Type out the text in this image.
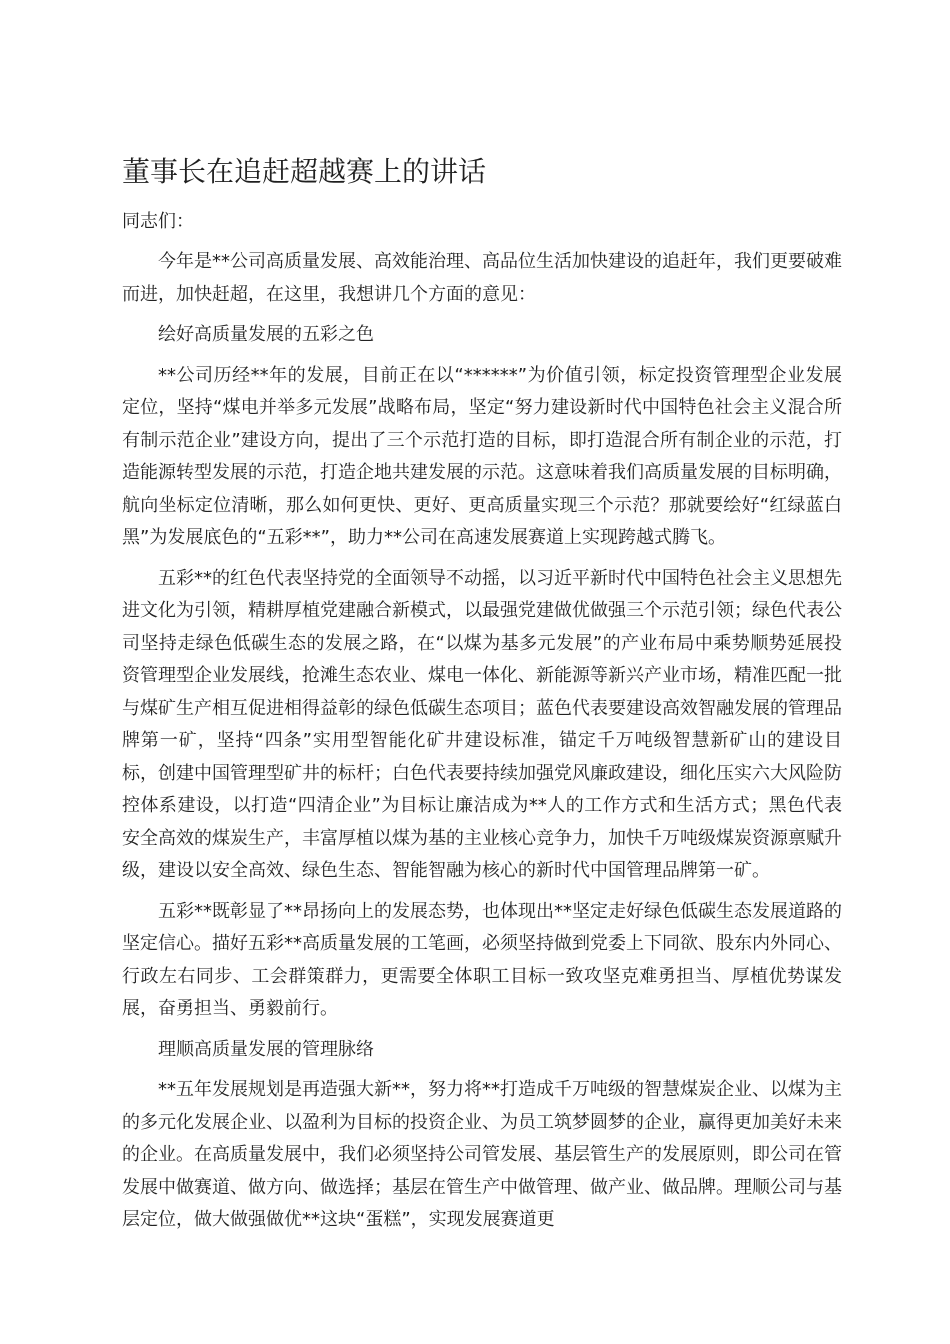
董事长在追赶超越赛上的讲话
同志们：

今年是**公司高质量发展、高效能治理、高品位生活加快建设的追赶年，我们更要破难而进，加快赶超，在这里，我想讲几个方面的意见：

绘好高质量发展的五彩之色

**公司历经**年的发展，目前正在以“******”为价值引领，标定投资管理型企业发展定位，坚持“煤电并举多元发展”战略布局，坚定“努力建设新时代中国特色社会主义混合所有制示范企业”建设方向，提出了三个示范打造的目标，即打造混合所有制企业的示范，打造能源转型发展的示范，打造企地共建发展的示范。这意味着我们高质量发展的目标明确，航向坐标定位清晰，那么如何更快、更好、更高质量实现三个示范？那就要绘好“红绿蓝白黑”为发展底色的“五彩**”，助力**公司在高速发展赛道上实现跨越式腾飞。

五彩**的红色代表坚持党的全面领导不动摇，以习近平新时代中国特色社会主义思想先进文化为引领，精耕厚植党建融合新模式，以最强党建做优做强三个示范引领；绿色代表公司坚持走绿色低碳生态的发展之路，在“以煤为基多元发展”的产业布局中乘势顺势延展投资管理型企业发展线，抢滩生态农业、煤电一体化、新能源等新兴产业市场，精准匹配一批与煤矿生产相互促进相得益彰的绿色低碳生态项目；蓝色代表要建设高效智融发展的管理品牌第一矿，坚持“四条”实用型智能化矿井建设标准，锚定千万吨级智慧新矿山的建设目标，创建中国管理型矿井的标杆；白色代表要持续加强党风廉政建设，细化压实六大风险防控体系建设，以打造“四清企业”为目标让廉洁成为**人的工作方式和生活方式；黑色代表安全高效的煤炭生产，丰富厚植以煤为基的主业核心竞争力，加快千万吨级煤炭资源禀赋升级，建设以安全高效、绿色生态、智能智融为核心的新时代中国管理品牌第一矿。

五彩**既彰显了**昂扬向上的发展态势，也体现出**坚定走好绿色低碳生态发展道路的坚定信心。描好五彩**高质量发展的工笔画，必须坚持做到党委上下同欲、股东内外同心、行政左右同步、工会群策群力，更需要全体职工目标一致攻坚克难勇担当、厚植优势谋发展，奋勇担当、勇毅前行。

理顺高质量发展的管理脉络

**五年发展规划是再造强大新**，努力将**打造成千万吨级的智慧煤炭企业、以煤为主的多元化发展企业、以盈利为目标的投资企业、为员工筑梦圆梦的企业，赢得更加美好未来的企业。在高质量发展中，我们必须坚持公司管发展、基层管生产的发展原则，即公司在管发展中做赛道、做方向、做选择；基层在管生产中做管理、做产业、做品牌。理顺公司与基层定位，做大做强做优**这块“蛋糕”，实现发展赛道更
